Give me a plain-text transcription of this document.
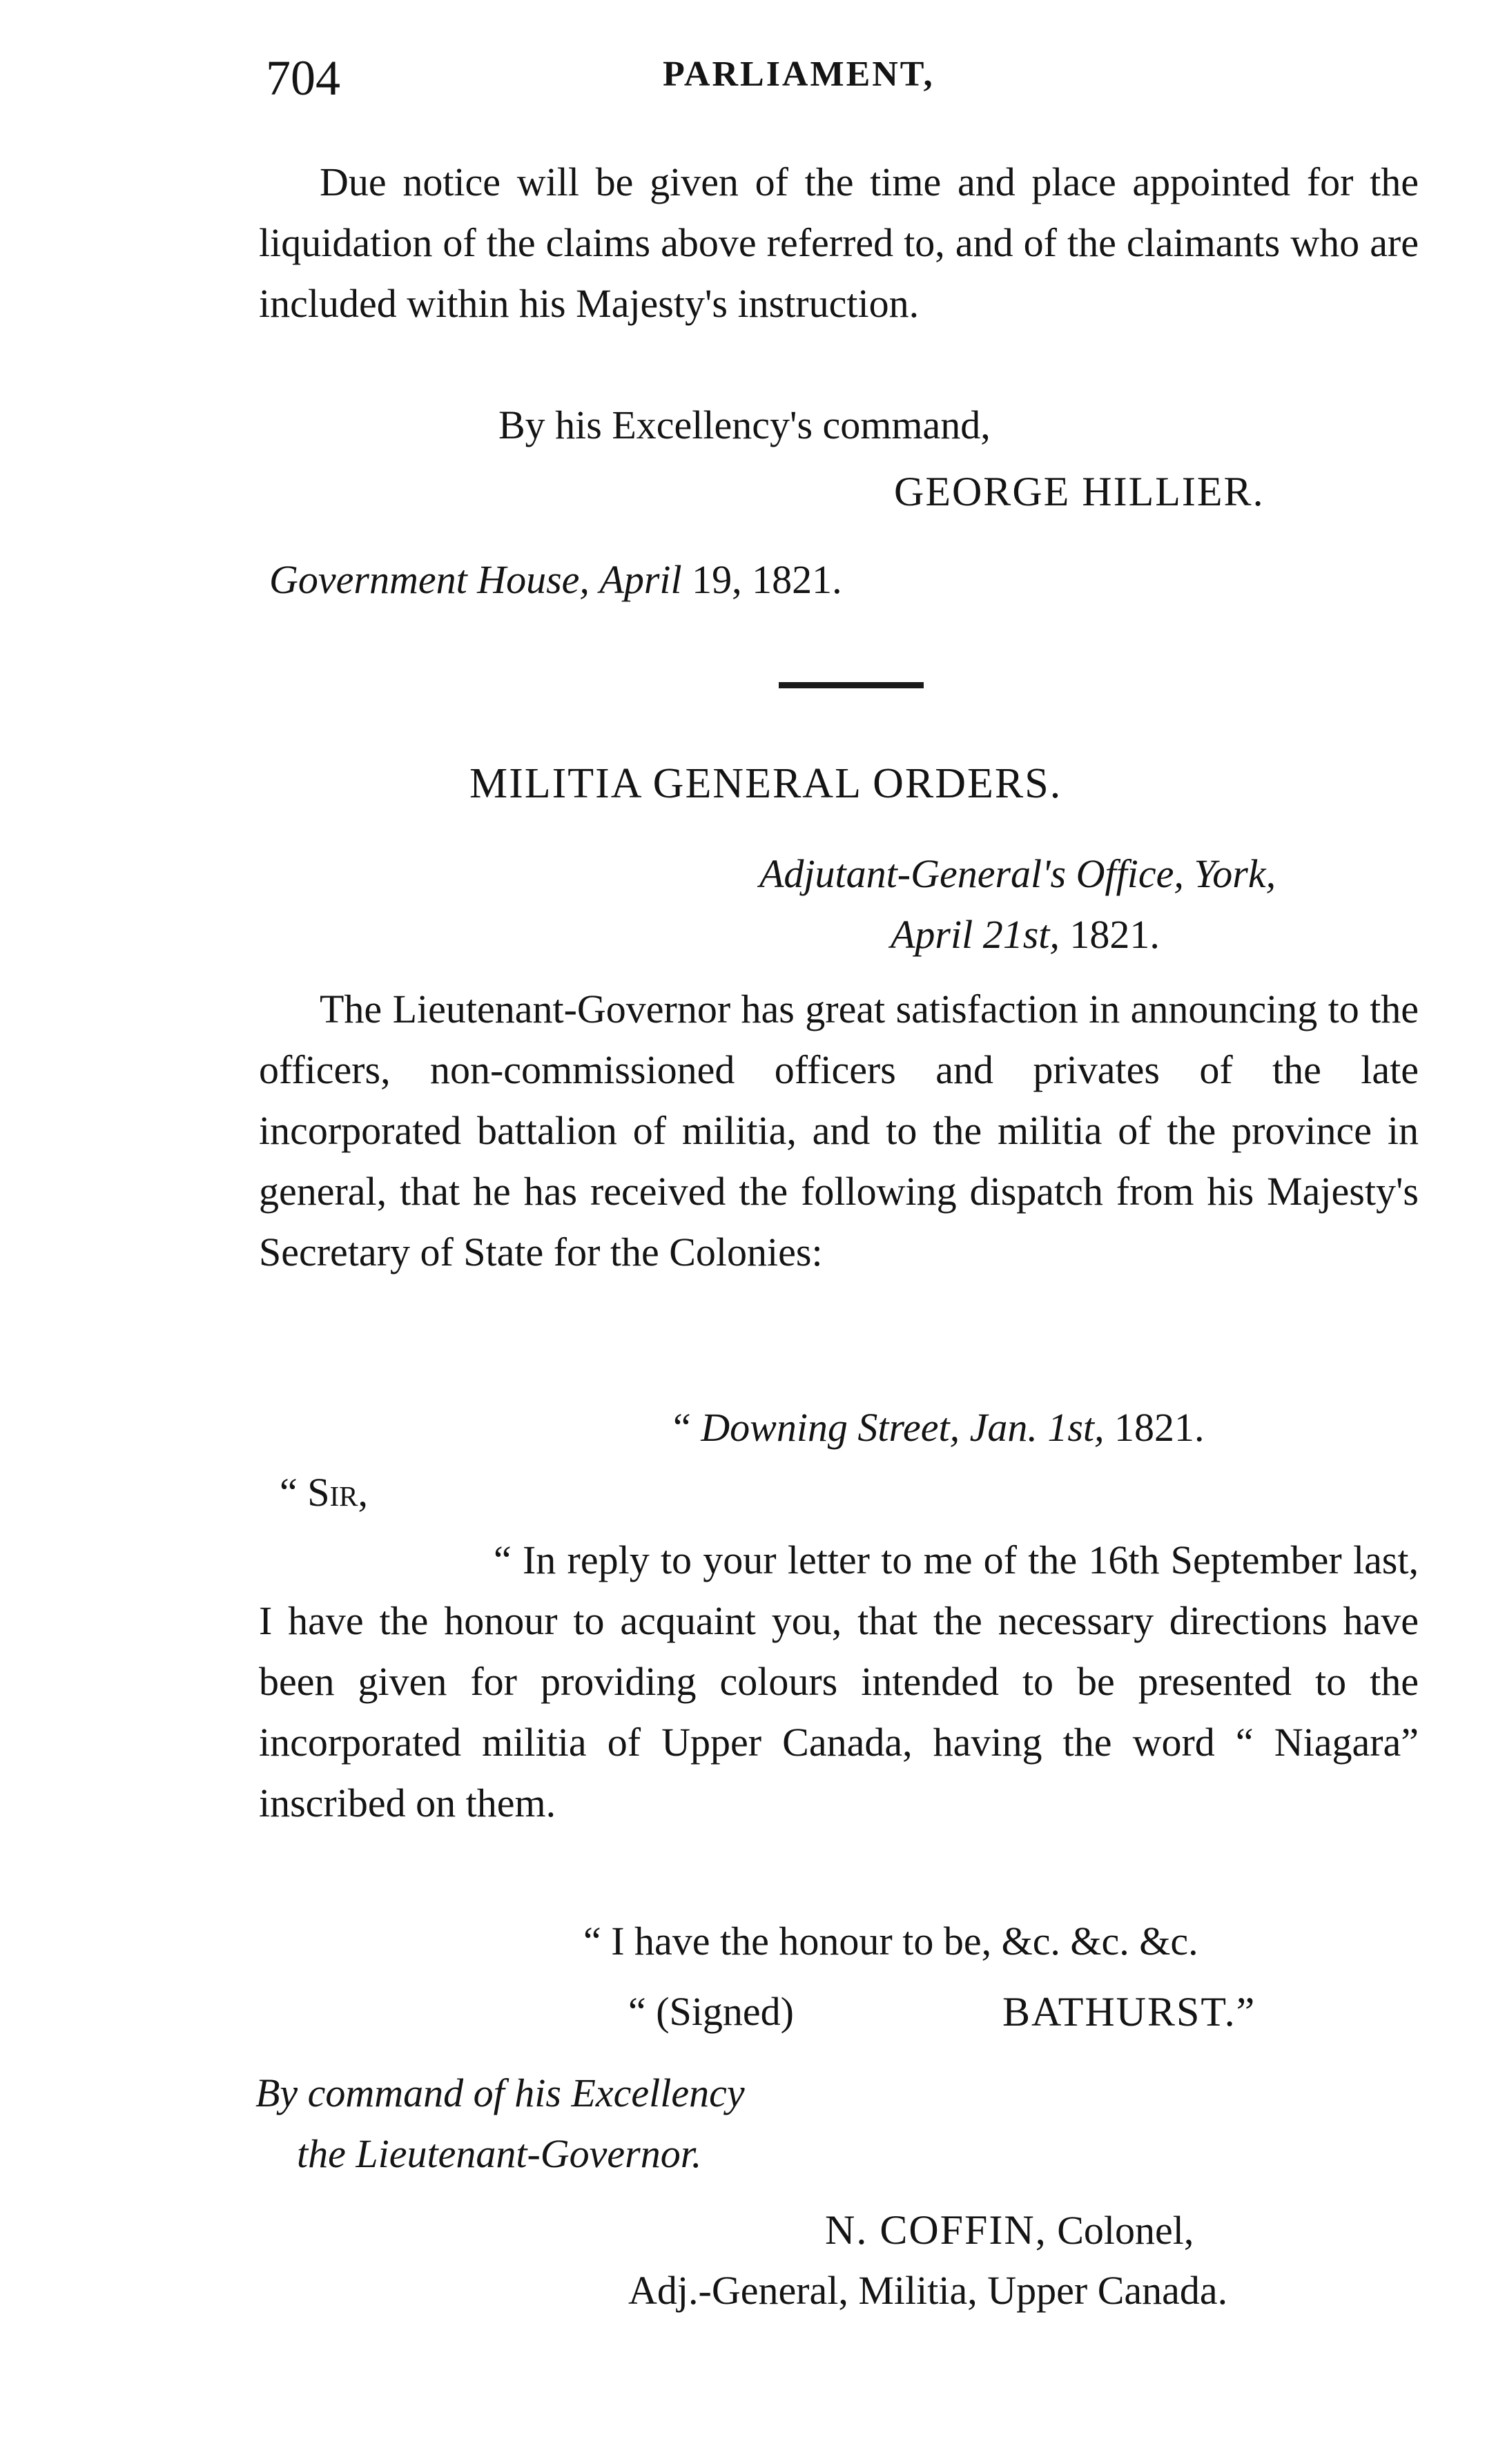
704	PARLIAMENT,

Due notice will be given of the time and place appointed for the liquidation of the claims above referred to, and of the claimants who are included within his Majesty's instruction.

By his Excellency's command,

GEORGE HILLIER.

Government House, April 19, 1821.

MILITIA GENERAL ORDERS.

Adjutant-General's Office, York,

April 21st, 1821.

The Lieutenant-Governor has great satisfaction in announcing to the officers, non-commissioned officers and privates of the late incorporated battalion of militia, and to the militia of the province in general, that he has received the following dispatch from his Majesty's Secretary of State for the Colonies:

“ Downing Street, Jan. 1st, 1821.

“ Sir,

“ In reply to your letter to me of the 16th September last, I have the honour to acquaint you, that the necessary directions have been given for providing colours intended to be presented to the incorporated militia of Upper Canada, having the word “ Niagara” inscribed on them.

“ I have the honour to be, &c. &c. &c.

“ (Signed)	BATHURST.”

By command of his Excellency

the Lieutenant-Governor.

N. COFFIN, Colonel,

Adj.-General, Militia, Upper Canada.
